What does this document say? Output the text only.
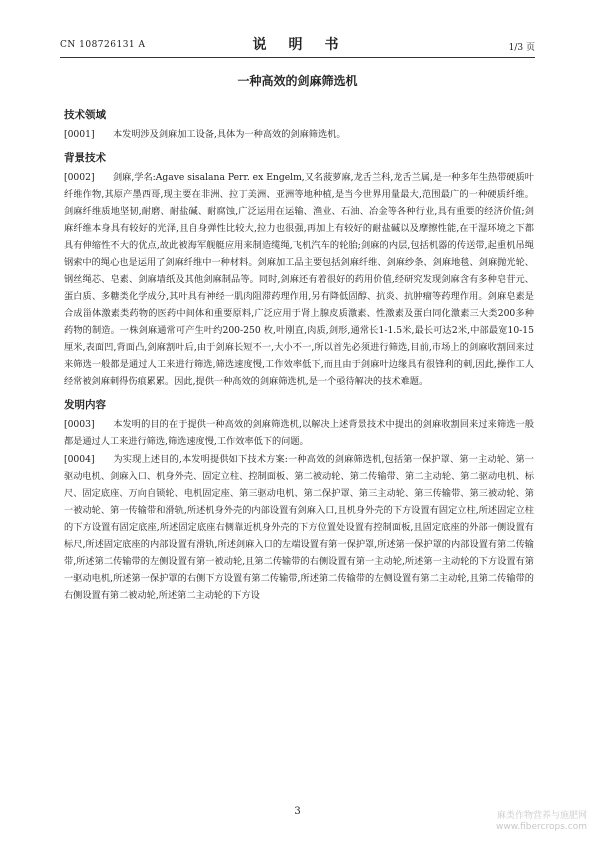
CN 108726131 A	说　明　书	1/3 页
一种高效的剑麻筛选机
技术领域

[0001]　　 本发明涉及剑麻加工设备,具体为一种高效的剑麻筛选机。

背景技术

[0002]　　 剑麻,学名:Agave sisalana Perr. ex Engelm,又名菠萝麻,龙舌兰科,龙舌兰属,是一种多年生热带硬质叶纤维作物,其原产墨西哥,现主要在非洲、拉丁美洲、亚洲等地种植,是当今世界用量最大,范围最广的一种硬质纤维。剑麻纤维质地坚韧,耐磨、耐盐碱、耐腐蚀,广泛运用在运输、渔业、石油、冶金等各种行业,具有重要的经济价值;剑麻纤维本身具有较好的光泽,且自身弹性比较大,拉力也很强,再加上有较好的耐盐碱以及摩擦性能,在干湿环境之下都具有伸缩性不大的优点,故此被海军舰艇应用来制造缆绳,飞机汽车的轮胎;剑麻的内层,包括机器的传送带,起重机吊绳钢索中的绳心也是运用了剑麻纤维中一种材料。剑麻加工品主要包括剑麻纤维、剑麻纱条、剑麻地毯、剑麻抛光轮、钢丝绳芯、皂素、剑麻墙纸及其他剑麻制品等。同时,剑麻还有着很好的药用价值,经研究发现剑麻含有多种皂苷元、蛋白质、多糖类化学成分,其叶具有神经一肌肉阻滞药理作用,另有降低固醇、抗炎、抗肿瘤等药理作用。剑麻皂素是合成甾体激素类药物的医药中间体和重要原料,广泛应用于肾上腺皮质激素、性激素及蛋白同化激素三大类200多种药物的制造。一株剑麻通常可产生叶约200-250 枚,叶刚直,肉质,剑形,通常长1-1.5米,最长可达2米,中部最宽10-15厘米,表面凹,背面凸,剑麻割叶后,由于剑麻长短不一,大小不一,所以首先必须进行筛选,目前,市场上的剑麻收割回来过来筛选一般都是通过人工来进行筛选,筛选速度慢,工作效率低下,而且由于剑麻叶边缘具有很锋利的刺,因此,操作工人经常被剑麻刺得伤痕累累。因此,提供一种高效的剑麻筛选机,是一个亟待解决的技术难题。

发明内容

[0003]　　 本发明的目的在于提供一种高效的剑麻筛选机,以解决上述背景技术中提出的剑麻收割回来过来筛选一般都是通过人工来进行筛选,筛选速度慢,工作效率低下的问题。

[0004]　　 为实现上述目的,本发明提供如下技术方案:一种高效的剑麻筛选机,包括第一保护罩、第一主动轮、第一驱动电机、剑麻入口、机身外壳、固定立柱、控制面板、第二被动轮、第二传输带、第二主动轮、第二驱动电机、标尺、固定底座、万向自锁轮、电机固定座、第三驱动电机、第二保护罩、第三主动轮、第三传输带、第三被动轮、第一被动轮、第一传输带和滑轨,所述机身外壳的内部设置有剑麻入口,且机身外壳的下方设置有固定立柱,所述固定立柱的下方设置有固定底座,所述固定底座右侧靠近机身外壳的下方位置处设置有控制面板,且固定底座的外部一侧设置有标尺,所述固定底座的内部设置有滑轨,所述剑麻入口的左端设置有第一保护罩,所述第一保护罩的内部设置有第二传输带,所述第二传输带的左侧设置有第一被动轮,且第二传输带的右侧设置有第一主动轮,所述第一主动轮的下方设置有第一驱动电机,所述第一保护罩的右侧下方设置有第二传输带,所述第二传输带的左侧设置有第二主动轮,且第二传输带的右侧设置有第二被动轮,所述第二主动轮的下方设

3	麻类作物营养与施肥网
www.fibercrops.com
